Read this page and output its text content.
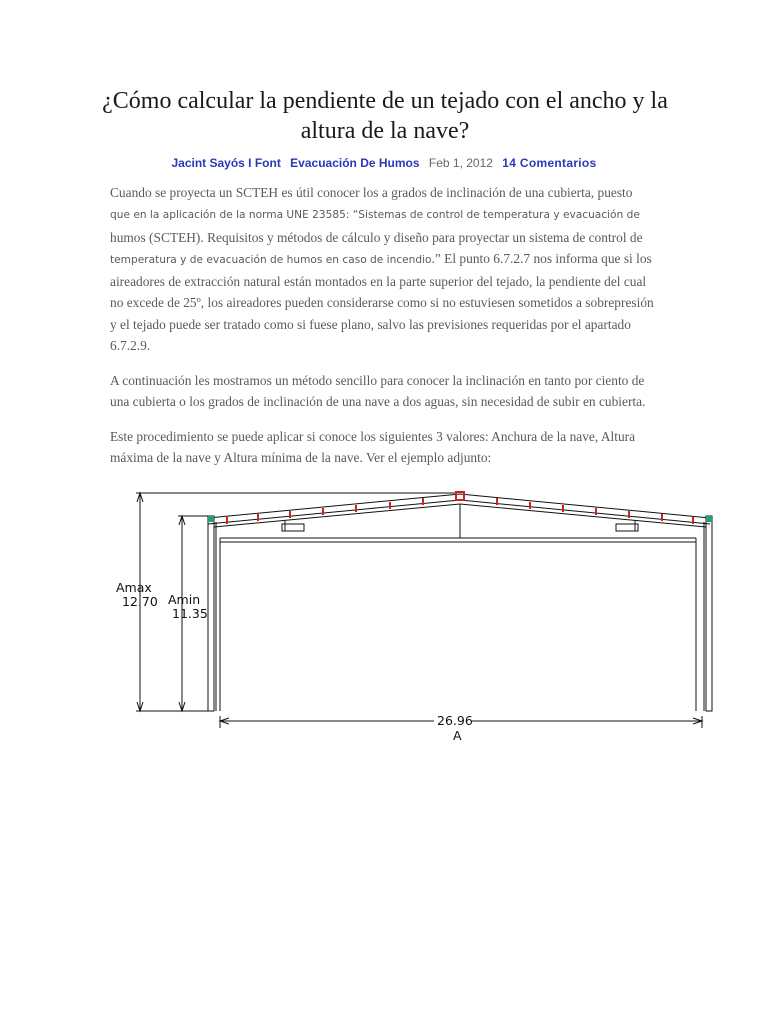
¿Cómo calcular la pendiente de un tejado con el ancho y la altura de la nave?
Jacint Sayós I Font Evacuación De Humos Feb 1, 2012 14 Comentarios

Cuando se proyecta un SCTEH es útil conocer los a grados de inclinación de una cubierta, puesto
que en la aplicación de la norma UNE 23585: “Sistemas de control de temperatura y evacuación de
humos (SCTEH). Requisitos y métodos de cálculo y diseño para proyectar un sistema de control de
temperatura y de evacuación de humos en caso de incendio.” El punto 6.7.2.7 nos informa que si los aireadores de extracción natural están montados en la parte superior del tejado, la pendiente del cual no excede de 25º, los aireadores pueden considerarse como si no estuviesen sometidos a sobrepresión y el tejado puede ser tratado como si fuese plano, salvo las previsiones requeridas por el apartado 6.7.2.9.

A continuación les mostramos un método sencillo para conocer la inclinación en tanto por ciento de una cubierta o los grados de inclinación de una nave a dos aguas, sin necesidad de subir en cubierta.

Este procedimiento se puede aplicar si conoce los siguientes 3 valores: Anchura de la nave, Altura máxima de la nave y Altura mínima de la nave. Ver el ejemplo adjunto:

Amax
12.70 Amin
11.35
26.96
A
